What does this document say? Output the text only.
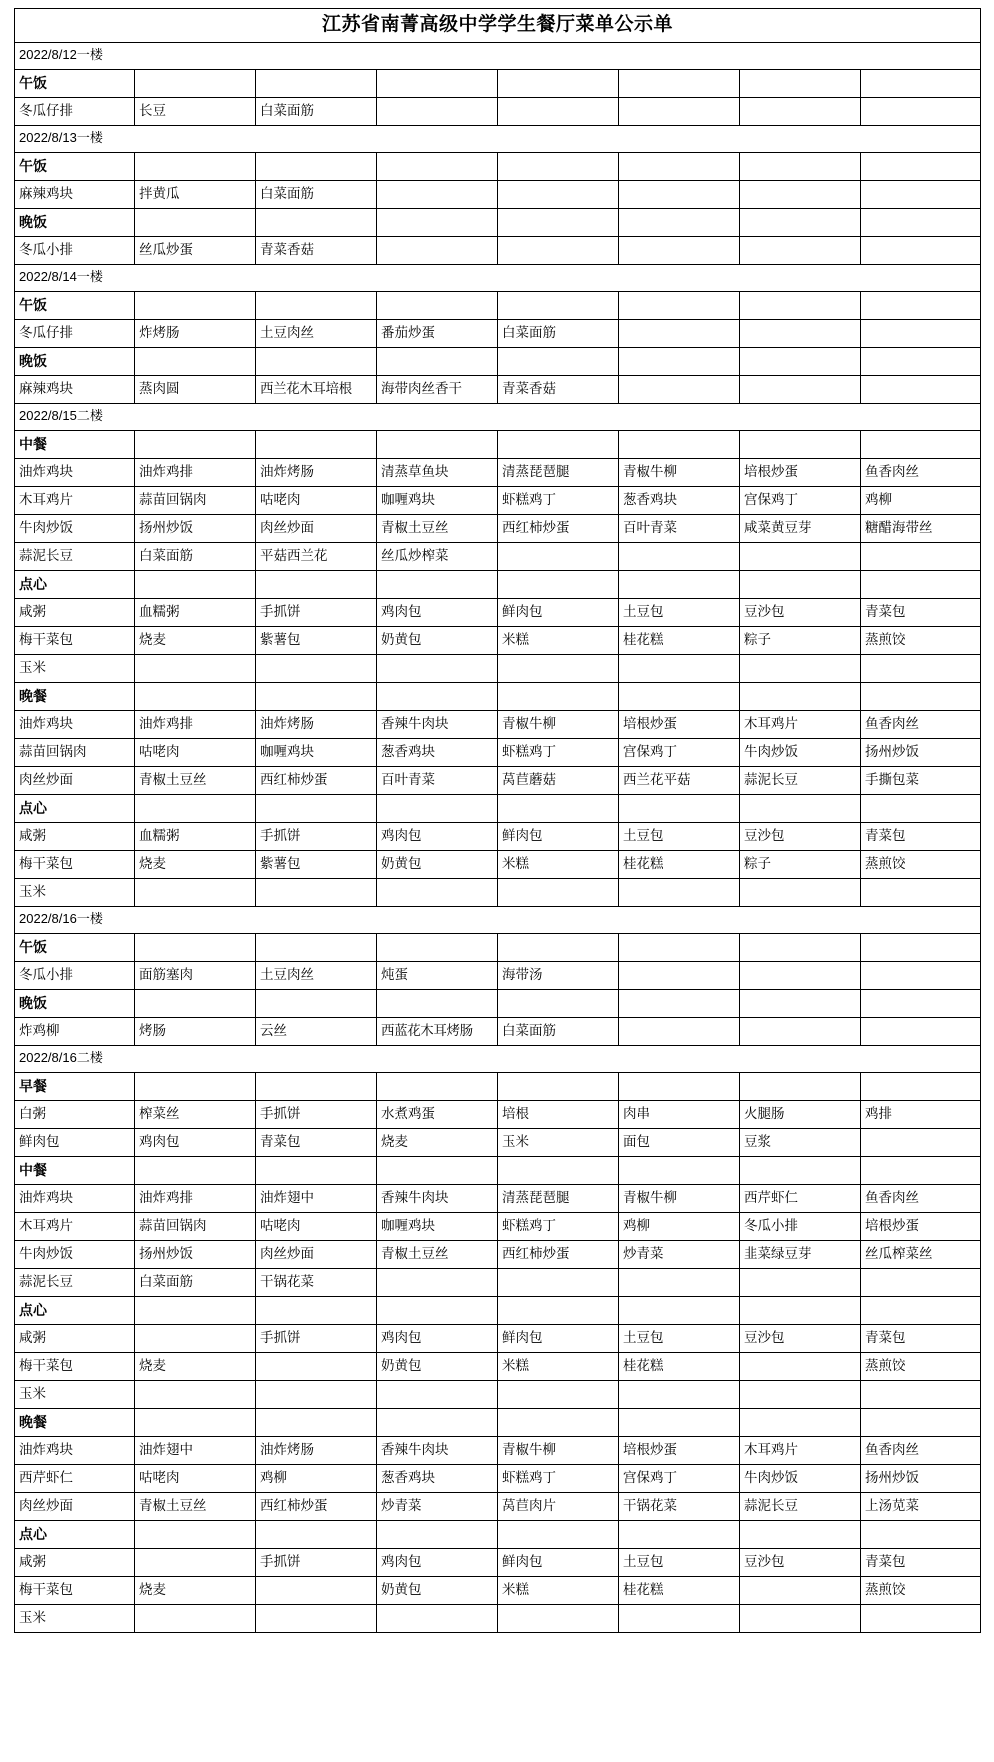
江苏省南菁高级中学学生餐厅菜单公示单							
2022/8/12一楼							
午饭							
冬瓜仔排	长豆	白菜面筋					
2022/8/13一楼							
午饭							
麻辣鸡块	拌黄瓜	白菜面筋					
晚饭							
冬瓜小排	丝瓜炒蛋	青菜香菇					
2022/8/14一楼							
午饭							
冬瓜仔排	炸烤肠	土豆肉丝	番茄炒蛋	白菜面筋			
晚饭							
麻辣鸡块	蒸肉圆	西兰花木耳培根	海带肉丝香干	青菜香菇			
2022/8/15二楼							
中餐							
油炸鸡块	油炸鸡排	油炸烤肠	清蒸草鱼块	清蒸琵琶腿	青椒牛柳	培根炒蛋	鱼香肉丝
木耳鸡片	蒜苗回锅肉	咕咾肉	咖喱鸡块	虾糕鸡丁	葱香鸡块	宫保鸡丁	鸡柳
牛肉炒饭	扬州炒饭	肉丝炒面	青椒土豆丝	西红柿炒蛋	百叶青菜	咸菜黄豆芽	糖醋海带丝
蒜泥长豆	白菜面筋	平菇西兰花	丝瓜炒榨菜				
点心							
咸粥	血糯粥	手抓饼	鸡肉包	鲜肉包	土豆包	豆沙包	青菜包
梅干菜包	烧麦	紫薯包	奶黄包	米糕	桂花糕	粽子	蒸煎饺
玉米							
晚餐							
油炸鸡块	油炸鸡排	油炸烤肠	香辣牛肉块	青椒牛柳	培根炒蛋	木耳鸡片	鱼香肉丝
蒜苗回锅肉	咕咾肉	咖喱鸡块	葱香鸡块	虾糕鸡丁	宫保鸡丁	牛肉炒饭	扬州炒饭
肉丝炒面	青椒土豆丝	西红柿炒蛋	百叶青菜	莴苣蘑菇	西兰花平菇	蒜泥长豆	手撕包菜
点心							
咸粥	血糯粥	手抓饼	鸡肉包	鲜肉包	土豆包	豆沙包	青菜包
梅干菜包	烧麦	紫薯包	奶黄包	米糕	桂花糕	粽子	蒸煎饺
玉米							
2022/8/16一楼							
午饭							
冬瓜小排	面筋塞肉	土豆肉丝	炖蛋	海带汤			
晚饭							
炸鸡柳	烤肠	云丝	西蓝花木耳烤肠	白菜面筋			
2022/8/16二楼							
早餐							
白粥	榨菜丝	手抓饼	水煮鸡蛋	培根	肉串	火腿肠	鸡排
鲜肉包	鸡肉包	青菜包	烧麦	玉米	面包	豆浆	
中餐							
油炸鸡块	油炸鸡排	油炸翅中	香辣牛肉块	清蒸琵琶腿	青椒牛柳	西芹虾仁	鱼香肉丝
木耳鸡片	蒜苗回锅肉	咕咾肉	咖喱鸡块	虾糕鸡丁	鸡柳	冬瓜小排	培根炒蛋
牛肉炒饭	扬州炒饭	肉丝炒面	青椒土豆丝	西红柿炒蛋	炒青菜	韭菜绿豆芽	丝瓜榨菜丝
蒜泥长豆	白菜面筋	干锅花菜					
点心							
咸粥		手抓饼	鸡肉包	鲜肉包	土豆包	豆沙包	青菜包
梅干菜包	烧麦		奶黄包	米糕	桂花糕		蒸煎饺
玉米							
晚餐							
油炸鸡块	油炸翅中	油炸烤肠	香辣牛肉块	青椒牛柳	培根炒蛋	木耳鸡片	鱼香肉丝
西芹虾仁	咕咾肉	鸡柳	葱香鸡块	虾糕鸡丁	宫保鸡丁	牛肉炒饭	扬州炒饭
肉丝炒面	青椒土豆丝	西红柿炒蛋	炒青菜	莴苣肉片	干锅花菜	蒜泥长豆	上汤苋菜
点心							
咸粥		手抓饼	鸡肉包	鲜肉包	土豆包	豆沙包	青菜包
梅干菜包	烧麦		奶黄包	米糕	桂花糕		蒸煎饺
玉米							
